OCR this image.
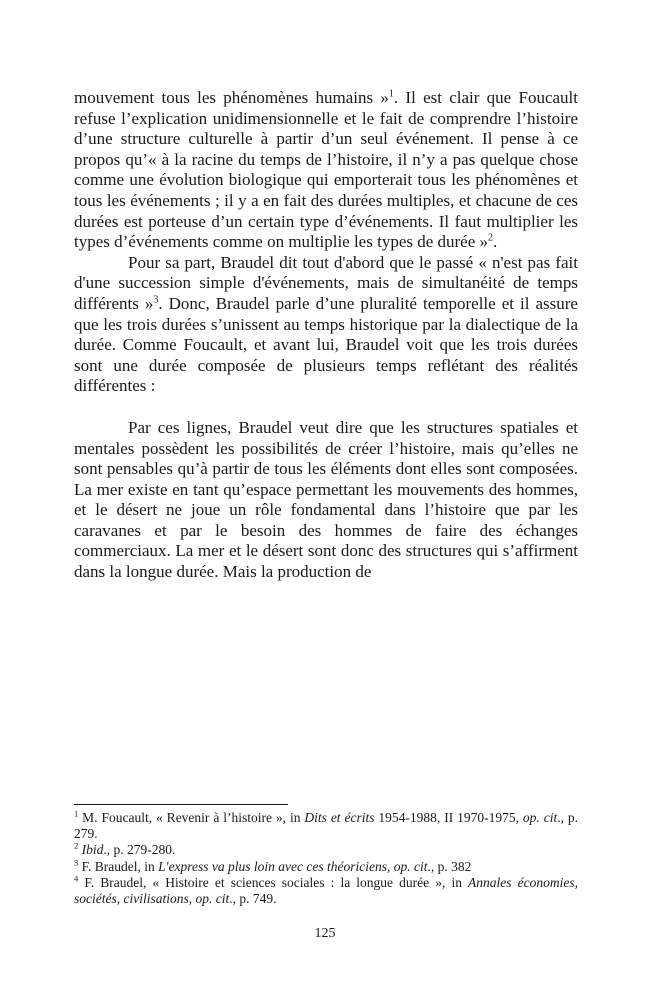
mouvement tous les phénomènes humains »$^1$. Il est clair que Foucault refuse l’explication unidimensionnelle et le fait de comprendre l’histoire d’une structure culturelle à partir d’un seul événement. Il pense à ce propos qu’« à la racine du temps de l’histoire, il n’y a pas quelque chose comme une évolution biologique qui emporterait tous les phénomènes et tous les événements ; il y a en fait des durées multiples, et chacune de ces durées est porteuse d’un certain type d’événements. Il faut multiplier les types d’événements comme on multiplie les types de durée »$^2$.

Pour sa part, Braudel dit tout d'abord que le passé « n'est pas fait d'une succession simple d'événements, mais de simultanéité de temps différents »$^3$. Donc, Braudel parle d’une pluralité temporelle et il assure que les trois durées s’unissent au temps historique par la dialectique de la durée. Comme Foucault, et avant lui, Braudel voit que les trois durées sont une durée composée de plusieurs temps reflétant des réalités différentes :

Par ces lignes, Braudel veut dire que les structures spatiales et mentales possèdent les possibilités de créer l’histoire, mais qu’elles ne sont pensables qu’à partir de tous les éléments dont elles sont composées. La mer existe en tant qu’espace permettant les mouvements des hommes, et le désert ne joue un rôle fondamental dans l’histoire que par les caravanes et par le besoin des hommes de faire des échanges commerciaux. La mer et le désert sont donc des structures qui s’affirment dans la longue durée. Mais la production de

$^1$ M. Foucault, « Revenir à l’histoire », in Dits et écrits 1954-1988, II 1970-1975, op. cit., p. 279.

$^2$ Ibid., p. 279-280.

$^3$ F. Braudel, in L'express va plus loin avec ces théoriciens, op. cit., p. 382

$^4$ F. Braudel, « Histoire et sciences sociales : la longue durée », in Annales économies, sociétés, civilisations, op. cit., p. 749.

125
